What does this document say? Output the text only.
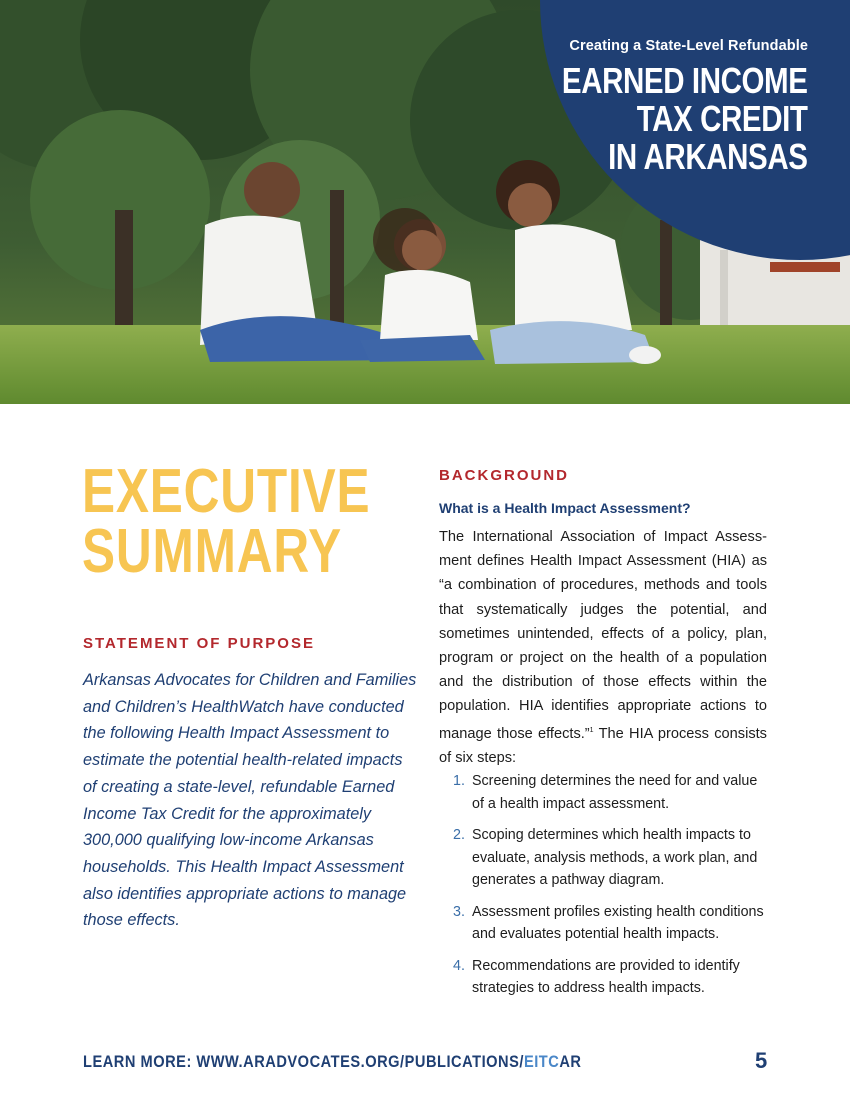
Creating a State-Level Refundable
EARNED INCOME
TAX CREDIT
IN ARKANSAS
EXECUTIVE
SUMMARY
STATEMENT OF PURPOSE
Arkansas Advocates for Children and Families and Children’s HealthWatch have conducted the following Health Impact Assessment to estimate the potential health-related impacts of creating a state-level, refundable Earned Income Tax Credit for the approximately 300,000 qualifying low-income Arkansas households. This Health Impact Assessment also identifies appropriate actions to manage those effects.
BACKGROUND
What is a Health Impact Assessment?
The International Association of Impact Assess-ment defines Health Impact Assessment (HIA) as “a combination of procedures, methods and tools that systematically judges the potential, and sometimes unintended, effects of a policy, plan, program or project on the health of a population and the distribution of those effects within the population. HIA identifies appropriate actions to manage those effects.”$^1$ The HIA process consists of six steps:
1. Screening determines the need for and value of a health impact assessment.
2. Scoping determines which health impacts to evaluate, analysis methods, a work plan, and generates a pathway diagram.
3. Assessment profiles existing health conditions and evaluates potential health impacts.
4. Recommendations are provided to identify strategies to address health impacts.
LEARN MORE: WWW.ARADVOCATES.ORG/PUBLICATIONS/EITCAR	5
